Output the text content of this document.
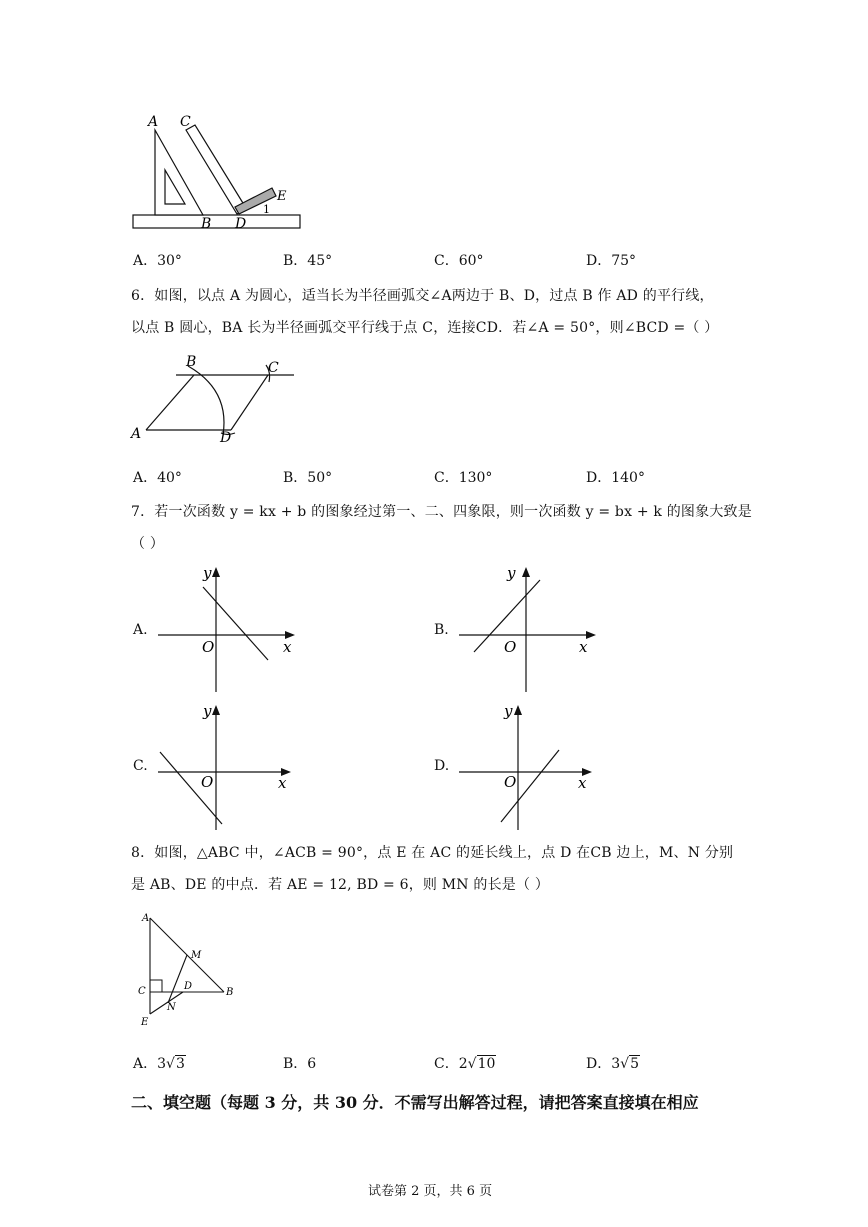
A C
E
1
B D
A．30°	B．45°	C．60°	D．75°
6．如图，以点 A 为圆心，适当长为半径画弧交∠A两边于 B、D，过点 B 作 AD 的平行线，
以点 B 圆心，BA 长为半径画弧交平行线于点 C，连接CD．若∠A = 50°，则∠BCD =（ ）
B	C
A	D
A．40°	B．50°	C．130°	D．140°
7．若一次函数 y = kx + b 的图象经过第一、二、四象限，则一次函数 y = bx + k 的图象大致是
（ ）
A.
y
x
O
B.
y
x
O
C.
y
x
O
D.
y
x
O
8．如图，△ABC 中，∠ACB = 90°，点 E 在 AC 的延长线上，点 D 在CB 边上，M、N 分别
是 AB、DE 的中点．若 AE = 12, BD = 6，则 MN 的长是（ ）
A
M
C	D
B
N
E
A．3√3	B．6	C．2√10	D．3√5
二、填空题（每题 3 分，共 30 分．不需写出解答过程，请把答案直接填在相应
试卷第 2 页，共 6 页
